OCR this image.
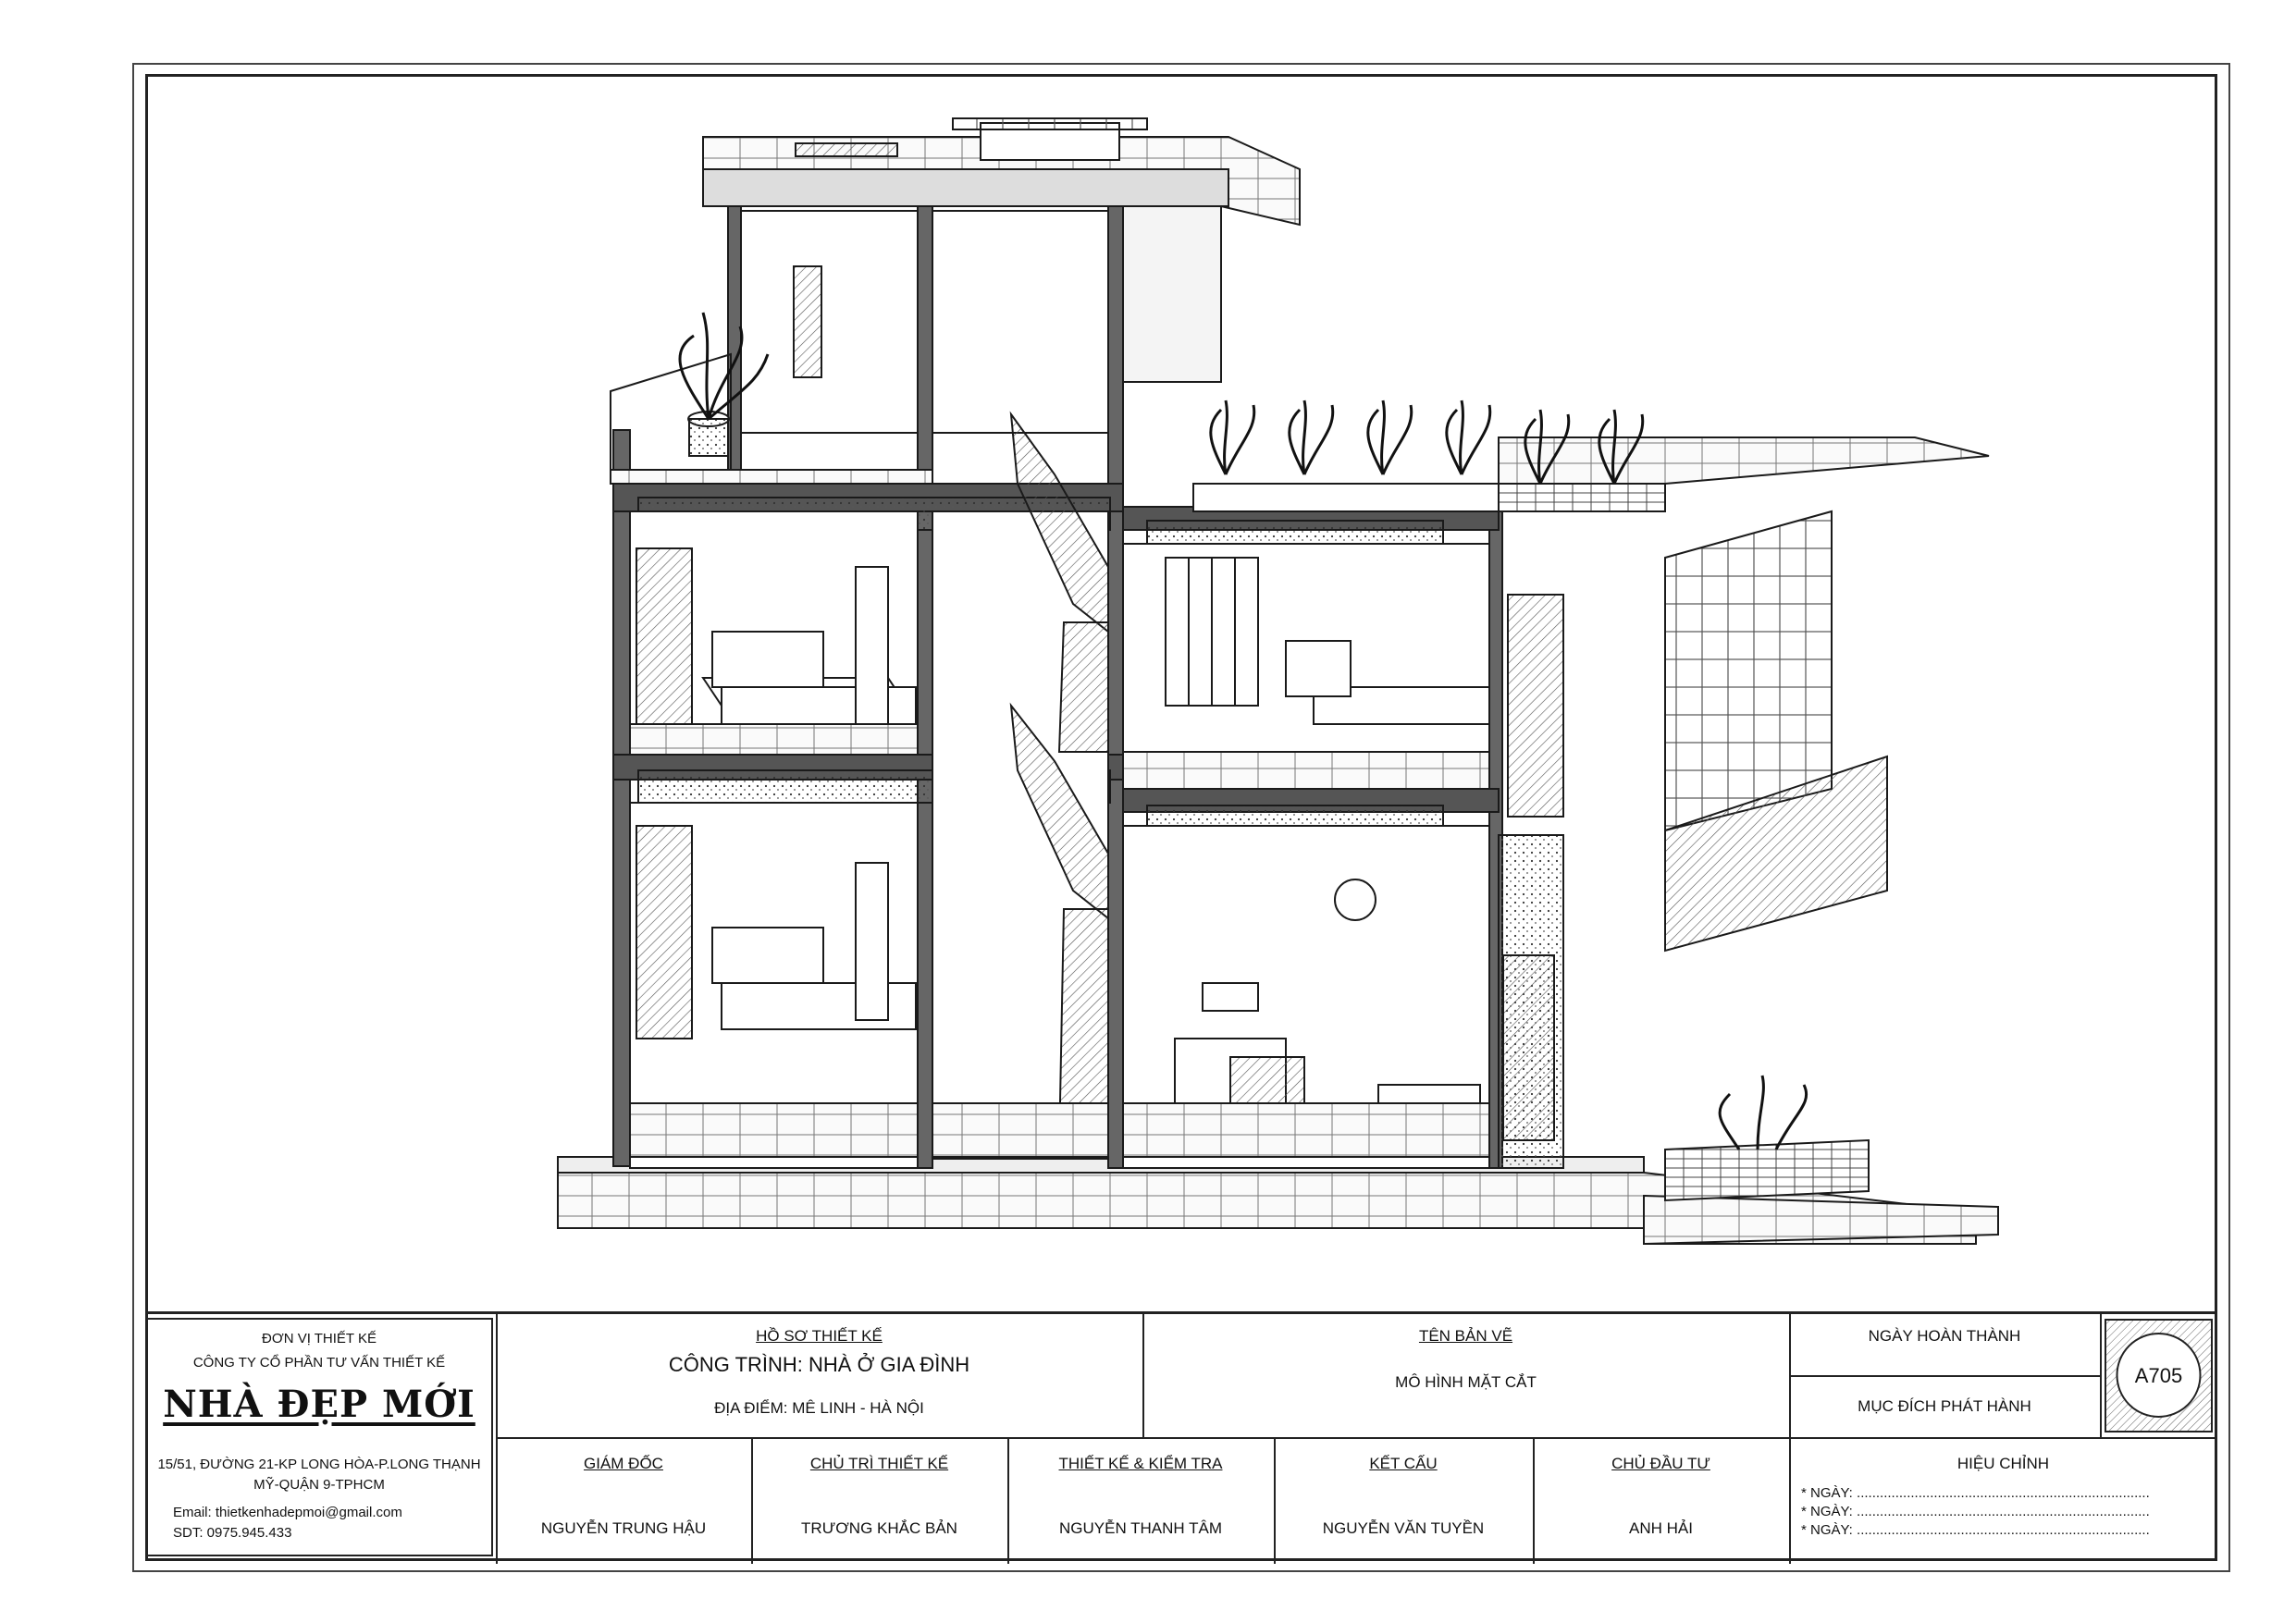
ĐƠN VỊ THIẾT KẾ
CÔNG TY CỔ PHẦN TƯ VẤN THIẾT KẾ
NHÀ ĐẸP MỚI
15/51, ĐƯỜNG 21-KP LONG HÒA-P.LONG THẠNH
MỸ-QUẬN 9-TPHCM
Email: thietkenhadepmoi@gmail.com
SDT: 0975.945.433
HỒ SƠ THIẾT KẾ
CÔNG TRÌNH: NHÀ Ở GIA ĐÌNH
ĐỊA ĐIỂM: MÊ LINH - HÀ NỘI
TÊN BẢN VẼ
MÔ HÌNH MẶT CẮT
NGÀY HOÀN THÀNH
MỤC ĐÍCH PHÁT HÀNH
A705
GIÁM ĐỐC
NGUYỄN TRUNG HẬU
CHỦ TRÌ THIẾT KẾ
TRƯƠNG KHẮC BẢN
THIẾT KẾ & KIỂM TRA
NGUYỄN THANH TÂM
KẾT CẤU
NGUYỄN VĂN TUYỀN
CHỦ ĐẦU TƯ
ANH HẢI
HIỆU CHỈNH
* NGÀY: ............................................................................
* NGÀY: ............................................................................
* NGÀY: ............................................................................
